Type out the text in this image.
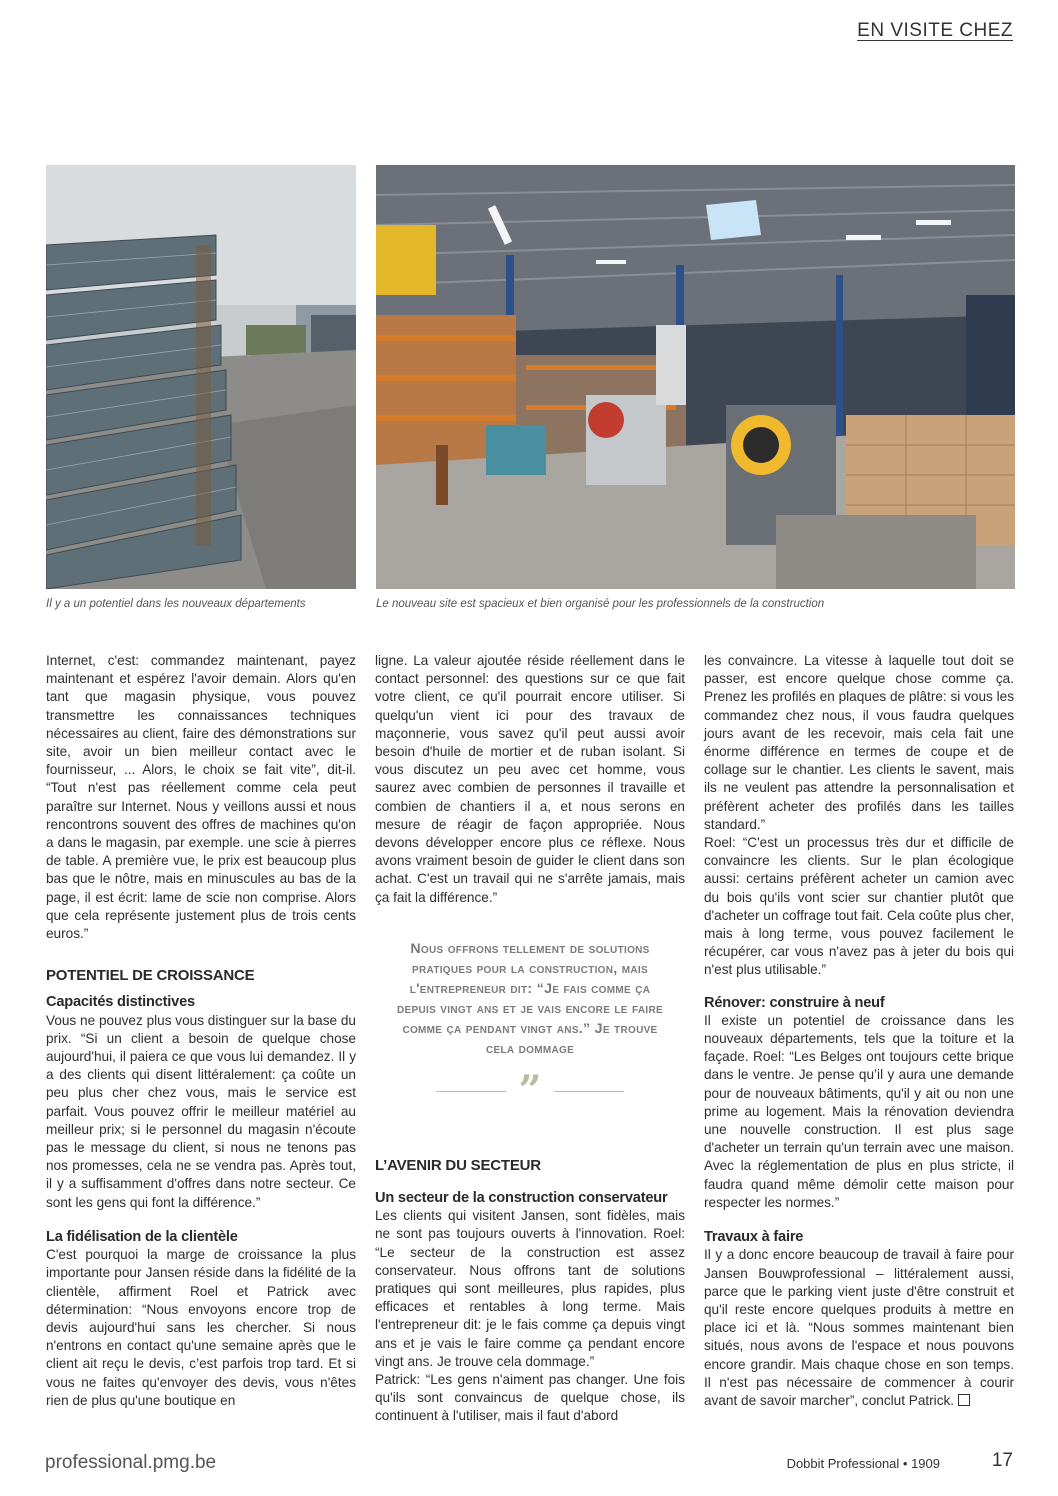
EN VISITE CHEZ
Il y a un potentiel dans les nouveaux départements	Le nouveau site est spacieux et bien organisé pour les professionnels de la construction

Internet, c'est: commandez maintenant, payez maintenant et espérez l'avoir demain. Alors qu'en tant que magasin physique, vous pouvez transmettre les connaissances techniques nécessaires au client, faire des démonstrations sur site, avoir un bien meilleur contact avec le fournisseur, ... Alors, le choix se fait vite”, dit-il. “Tout n'est pas réellement comme cela peut paraître sur Internet. Nous y veillons aussi et nous rencontrons souvent des offres de machines qu'on a dans le magasin, par exemple. une scie à pierres de table. A première vue, le prix est beaucoup plus bas que le nôtre, mais en minuscules au bas de la page, il est écrit: lame de scie non comprise. Alors que cela représente justement plus de trois cents euros.”

POTENTIEL DE CROISSANCE
Capacités distinctives

Vous ne pouvez plus vous distinguer sur la base du prix. “Si un client a besoin de quelque chose aujourd'hui, il paiera ce que vous lui demandez. Il y a des clients qui disent littéralement: ça coûte un peu plus cher chez vous, mais le service est parfait. Vous pouvez offrir le meilleur matériel au meilleur prix; si le personnel du magasin n'écoute pas le message du client, si nous ne tenons pas nos promesses, cela ne se vendra pas. Après tout, il y a suffisamment d'offres dans notre secteur. Ce sont les gens qui font la différence.”

La fidélisation de la clientèle

C'est pourquoi la marge de croissance la plus importante pour Jansen réside dans la fidélité de la clientèle, affirment Roel et Patrick avec détermination: “Nous envoyons encore trop de devis aujourd'hui sans les chercher. Si nous n'entrons en contact qu'une semaine après que le client ait reçu le devis, c’est parfois trop tard. Et si vous ne faites qu'envoyer des devis, vous n'êtes rien de plus qu'une boutique en

ligne. La valeur ajoutée réside réellement dans le contact personnel: des questions sur ce que fait votre client, ce qu'il pourrait encore utiliser. Si quelqu'un vient ici pour des travaux de maçonnerie, vous savez qu'il peut aussi avoir besoin d'huile de mortier et de ruban isolant. Si vous discutez un peu avec cet homme, vous saurez avec combien de personnes il travaille et combien de chantiers il a, et nous serons en mesure de réagir de façon appropriée. Nous devons développer encore plus ce réflexe. Nous avons vraiment besoin de guider le client dans son achat. C'est un travail qui ne s'arrête jamais, mais ça fait la différence.”

Nous offrons tellement de solutions pratiques pour la construction, mais l'entrepreneur dit: “Je fais comme ça depuis vingt ans et je vais encore le faire comme ça pendant vingt ans.” Je trouve cela dommage
”
L’AVENIR DU SECTEUR
Un secteur de la construction conservateur

Les clients qui visitent Jansen, sont fidèles, mais ne sont pas toujours ouverts à l'innovation. Roel: “Le secteur de la construction est assez conservateur. Nous offrons tant de solutions pratiques qui sont meilleures, plus rapides, plus efficaces et rentables à long terme. Mais l'entrepreneur dit: je le fais comme ça depuis vingt ans et je vais le faire comme ça pendant encore vingt ans. Je trouve cela dommage.”

Patrick: “Les gens n'aiment pas changer. Une fois qu'ils sont convaincus de quelque chose, ils continuent à l'utiliser, mais il faut d'abord

les convaincre. La vitesse à laquelle tout doit se passer, est encore quelque chose comme ça. Prenez les profilés en plaques de plâtre: si vous les commandez chez nous, il vous faudra quelques jours avant de les recevoir, mais cela fait une énorme différence en termes de coupe et de collage sur le chantier. Les clients le savent, mais ils ne veulent pas attendre la personnalisation et préfèrent acheter des profilés dans les tailles standard.”

Roel: “C'est un processus très dur et difficile de convaincre les clients. Sur le plan écologique aussi: certains préfèrent acheter un camion avec du bois qu'ils vont scier sur chantier plutôt que d'acheter un coffrage tout fait. Cela coûte plus cher, mais à long terme, vous pouvez facilement le récupérer, car vous n'avez pas à jeter du bois qui n'est plus utilisable.”

Rénover: construire à neuf

Il existe un potentiel de croissance dans les nouveaux départements, tels que la toiture et la façade. Roel: “Les Belges ont toujours cette brique dans le ventre. Je pense qu’il y aura une demande pour de nouveaux bâtiments, qu'il y ait ou non une prime au logement. Mais la rénovation deviendra une nouvelle construction. Il est plus sage d'acheter un terrain qu'un terrain avec une maison. Avec la réglementation de plus en plus stricte, il faudra quand même démolir cette maison pour respecter les normes.”

Travaux à faire

Il y a donc encore beaucoup de travail à faire pour Jansen Bouwprofessional – littéralement aussi, parce que le parking vient juste d'être construit et qu'il reste encore quelques produits à mettre en place ici et là. “Nous sommes maintenant bien situés, nous avons de l'espace et nous pouvons encore grandir. Mais chaque chose en son temps. Il n'est pas nécessaire de commencer à courir avant de savoir marcher”, conclut Patrick.

professional.pmg.be	Dobbit Professional • 1909	17
